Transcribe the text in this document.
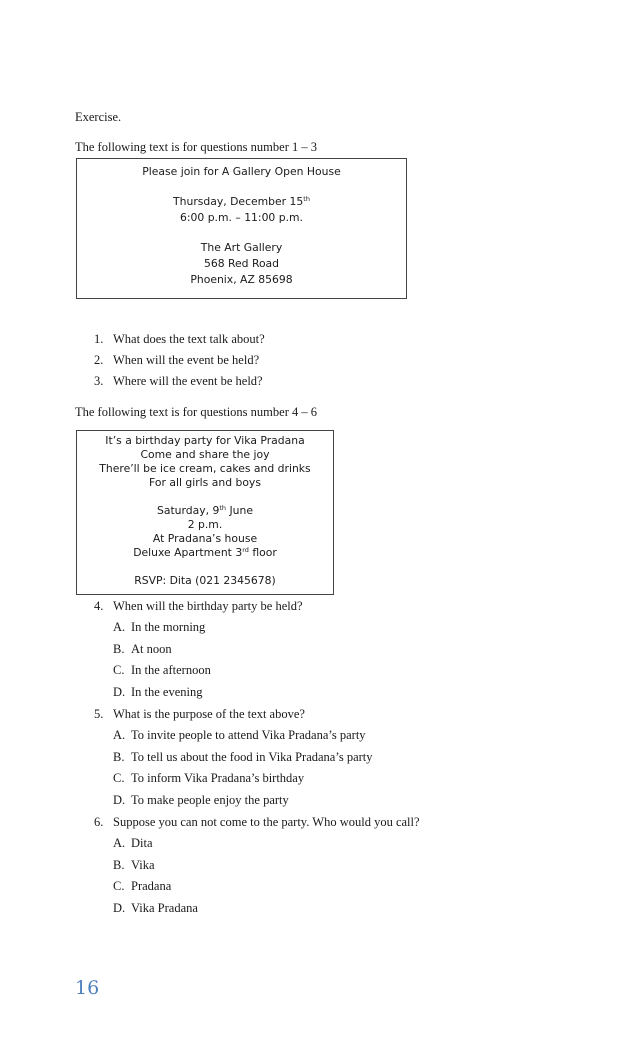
Exercise.

The following text is for questions number 1 – 3

Please join for A Gallery Open House
Thursday, December 15th
6:00 p.m. – 11:00 p.m.
The Art Gallery
568 Red Road
Phoenix, AZ 85698
1. What does the text talk about?
2. When will the event be held?
3. Where will the event be held?

The following text is for questions number 4 – 6

It’s a birthday party for Vika Pradana
Come and share the joy
There’ll be ice cream, cakes and drinks
For all girls and boys
Saturday, 9th June
2 p.m.
At Pradana’s house
Deluxe Apartment 3rd floor
RSVP: Dita (021 2345678)
4. When will the birthday party be held?
A. In the morning
B. At noon
C. In the afternoon
D. In the evening
5. What is the purpose of the text above?
A. To invite people to attend Vika Pradana’s party
B. To tell us about the food in Vika Pradana’s party
C. To inform Vika Pradana’s birthday
D. To make people enjoy the party
6. Suppose you can not come to the party. Who would you call?
A. Dita
B. Vika
C. Pradana
D. Vika Pradana
16
